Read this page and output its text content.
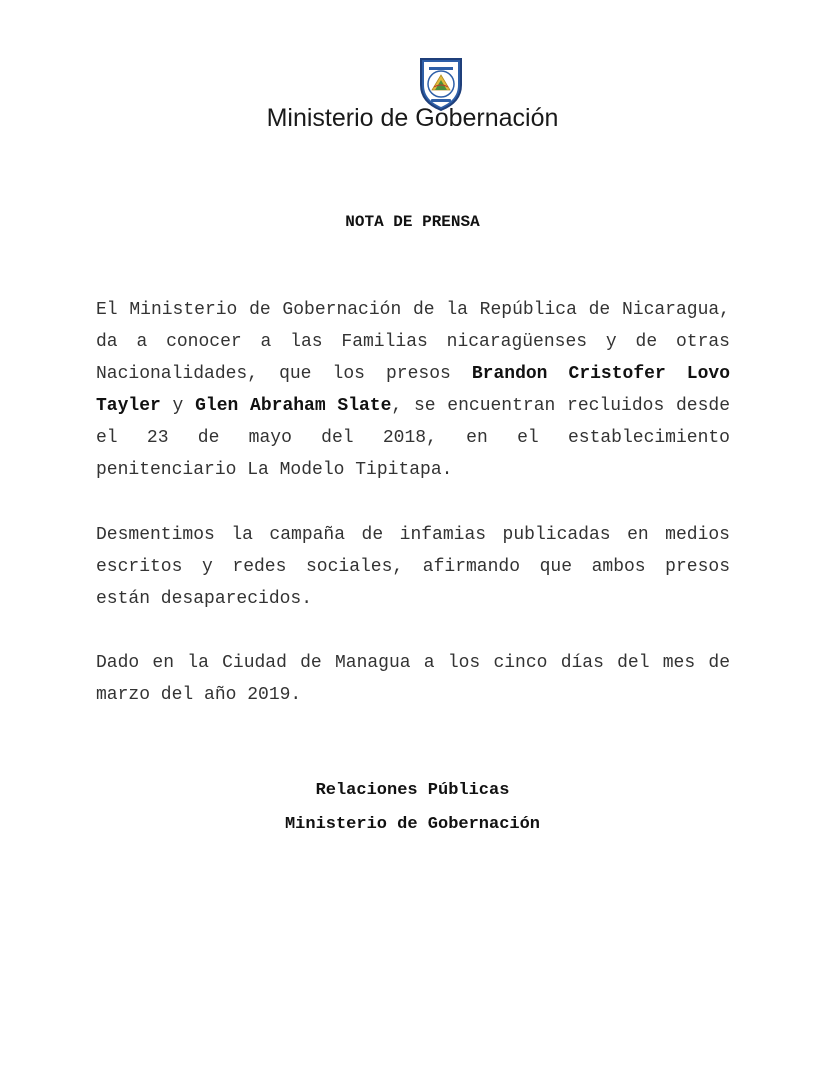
Ministerio de Gobernación
NOTA DE PRENSA

El Ministerio de Gobernación de la República de Nicaragua, da a conocer a las Familias nicaragüenses y de otras Nacionalidades, que los presos Brandon Cristofer Lovo Tayler y Glen Abraham Slate, se encuentran recluidos desde el 23 de mayo del 2018, en el establecimiento penitenciario La Modelo Tipitapa.

Desmentimos la campaña de infamias publicadas en medios escritos y redes sociales, afirmando que ambos presos están desaparecidos.

Dado en la Ciudad de Managua a los cinco días del mes de marzo del año 2019.

Relaciones Públicas
Ministerio de Gobernación
